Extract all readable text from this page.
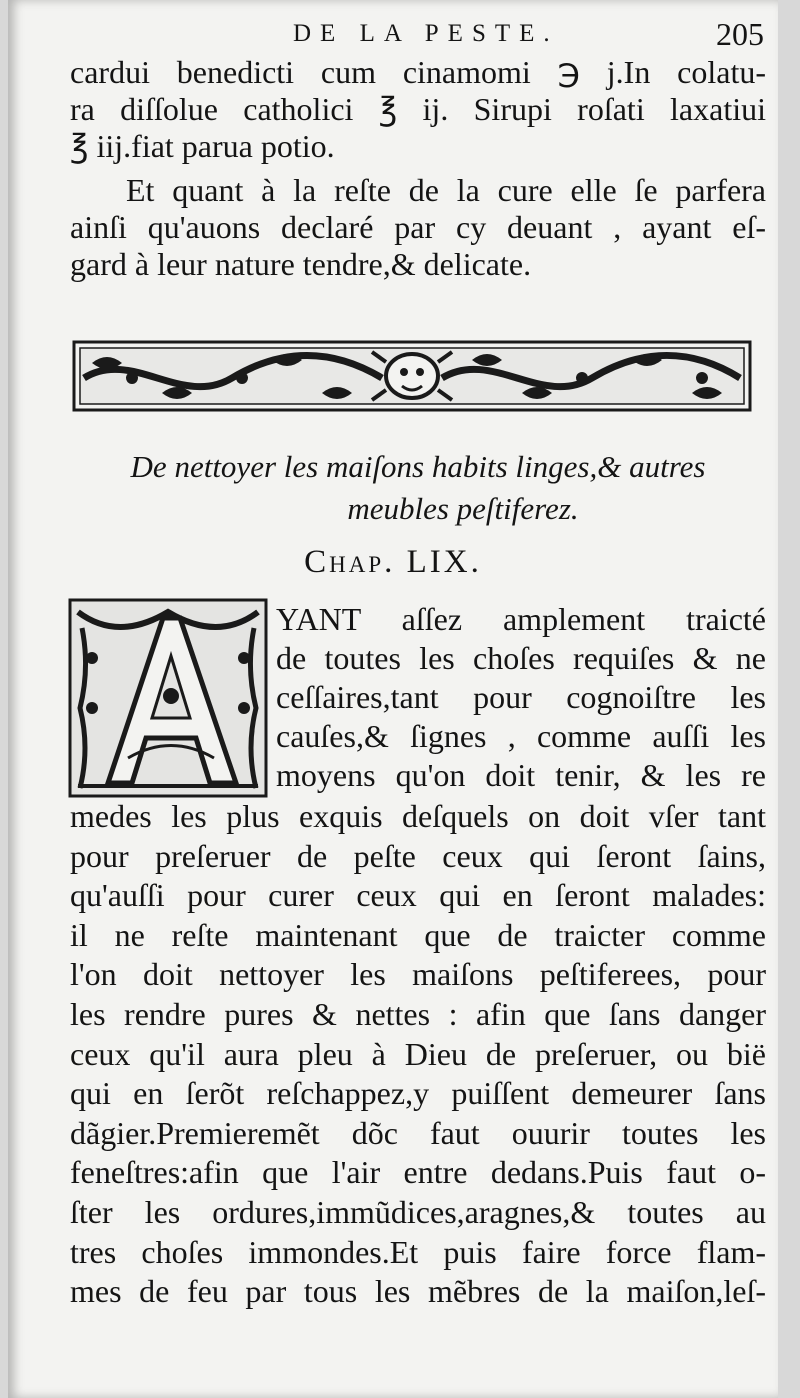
DE LA PESTE.	205
cardui benedicti cum cinamomi ℈ j.In colatu-
ra diſſolue catholici ℥ ij. Sirupi roſati laxatiui
℥ iij.fiat parua potio.
Et quant à la reſte de la cure elle ſe parfera
ainſi qu'auons declaré par cy deuant , ayant eſ-
gard à leur nature tendre,& delicate.
De nettoyer les maiſons habits linges,& autres
meubles peſtiferez.
Chap. LIX.
YANT aſſez amplement traicté
de toutes les choſes requiſes & ne
ceſſaires,tant pour cognoiſtre les
cauſes,& ſignes , comme auſſi les
moyens qu'on doit tenir, & les re
medes les plus exquis deſquels on doit vſer tant
pour preſeruer de peſte ceux qui ſeront ſains,
qu'auſſi pour curer ceux qui en ſeront malades:
il ne reſte maintenant que de traicter comme
l'on doit nettoyer les maiſons peſtiferees, pour
les rendre pures & nettes : afin que ſans danger
ceux qu'il aura pleu à Dieu de preſeruer, ou bië
qui en ſerõt reſchappez,y puiſſent demeurer ſans
dãgier.Premieremẽt dõc faut ouurir toutes les
feneſtres:afin que l'air entre dedans.Puis faut o-
ſter les ordures,immũdices,aragnes,& toutes au
tres choſes immondes.Et puis faire force flam-
mes de feu par tous les mẽbres de la maiſon,leſ-
